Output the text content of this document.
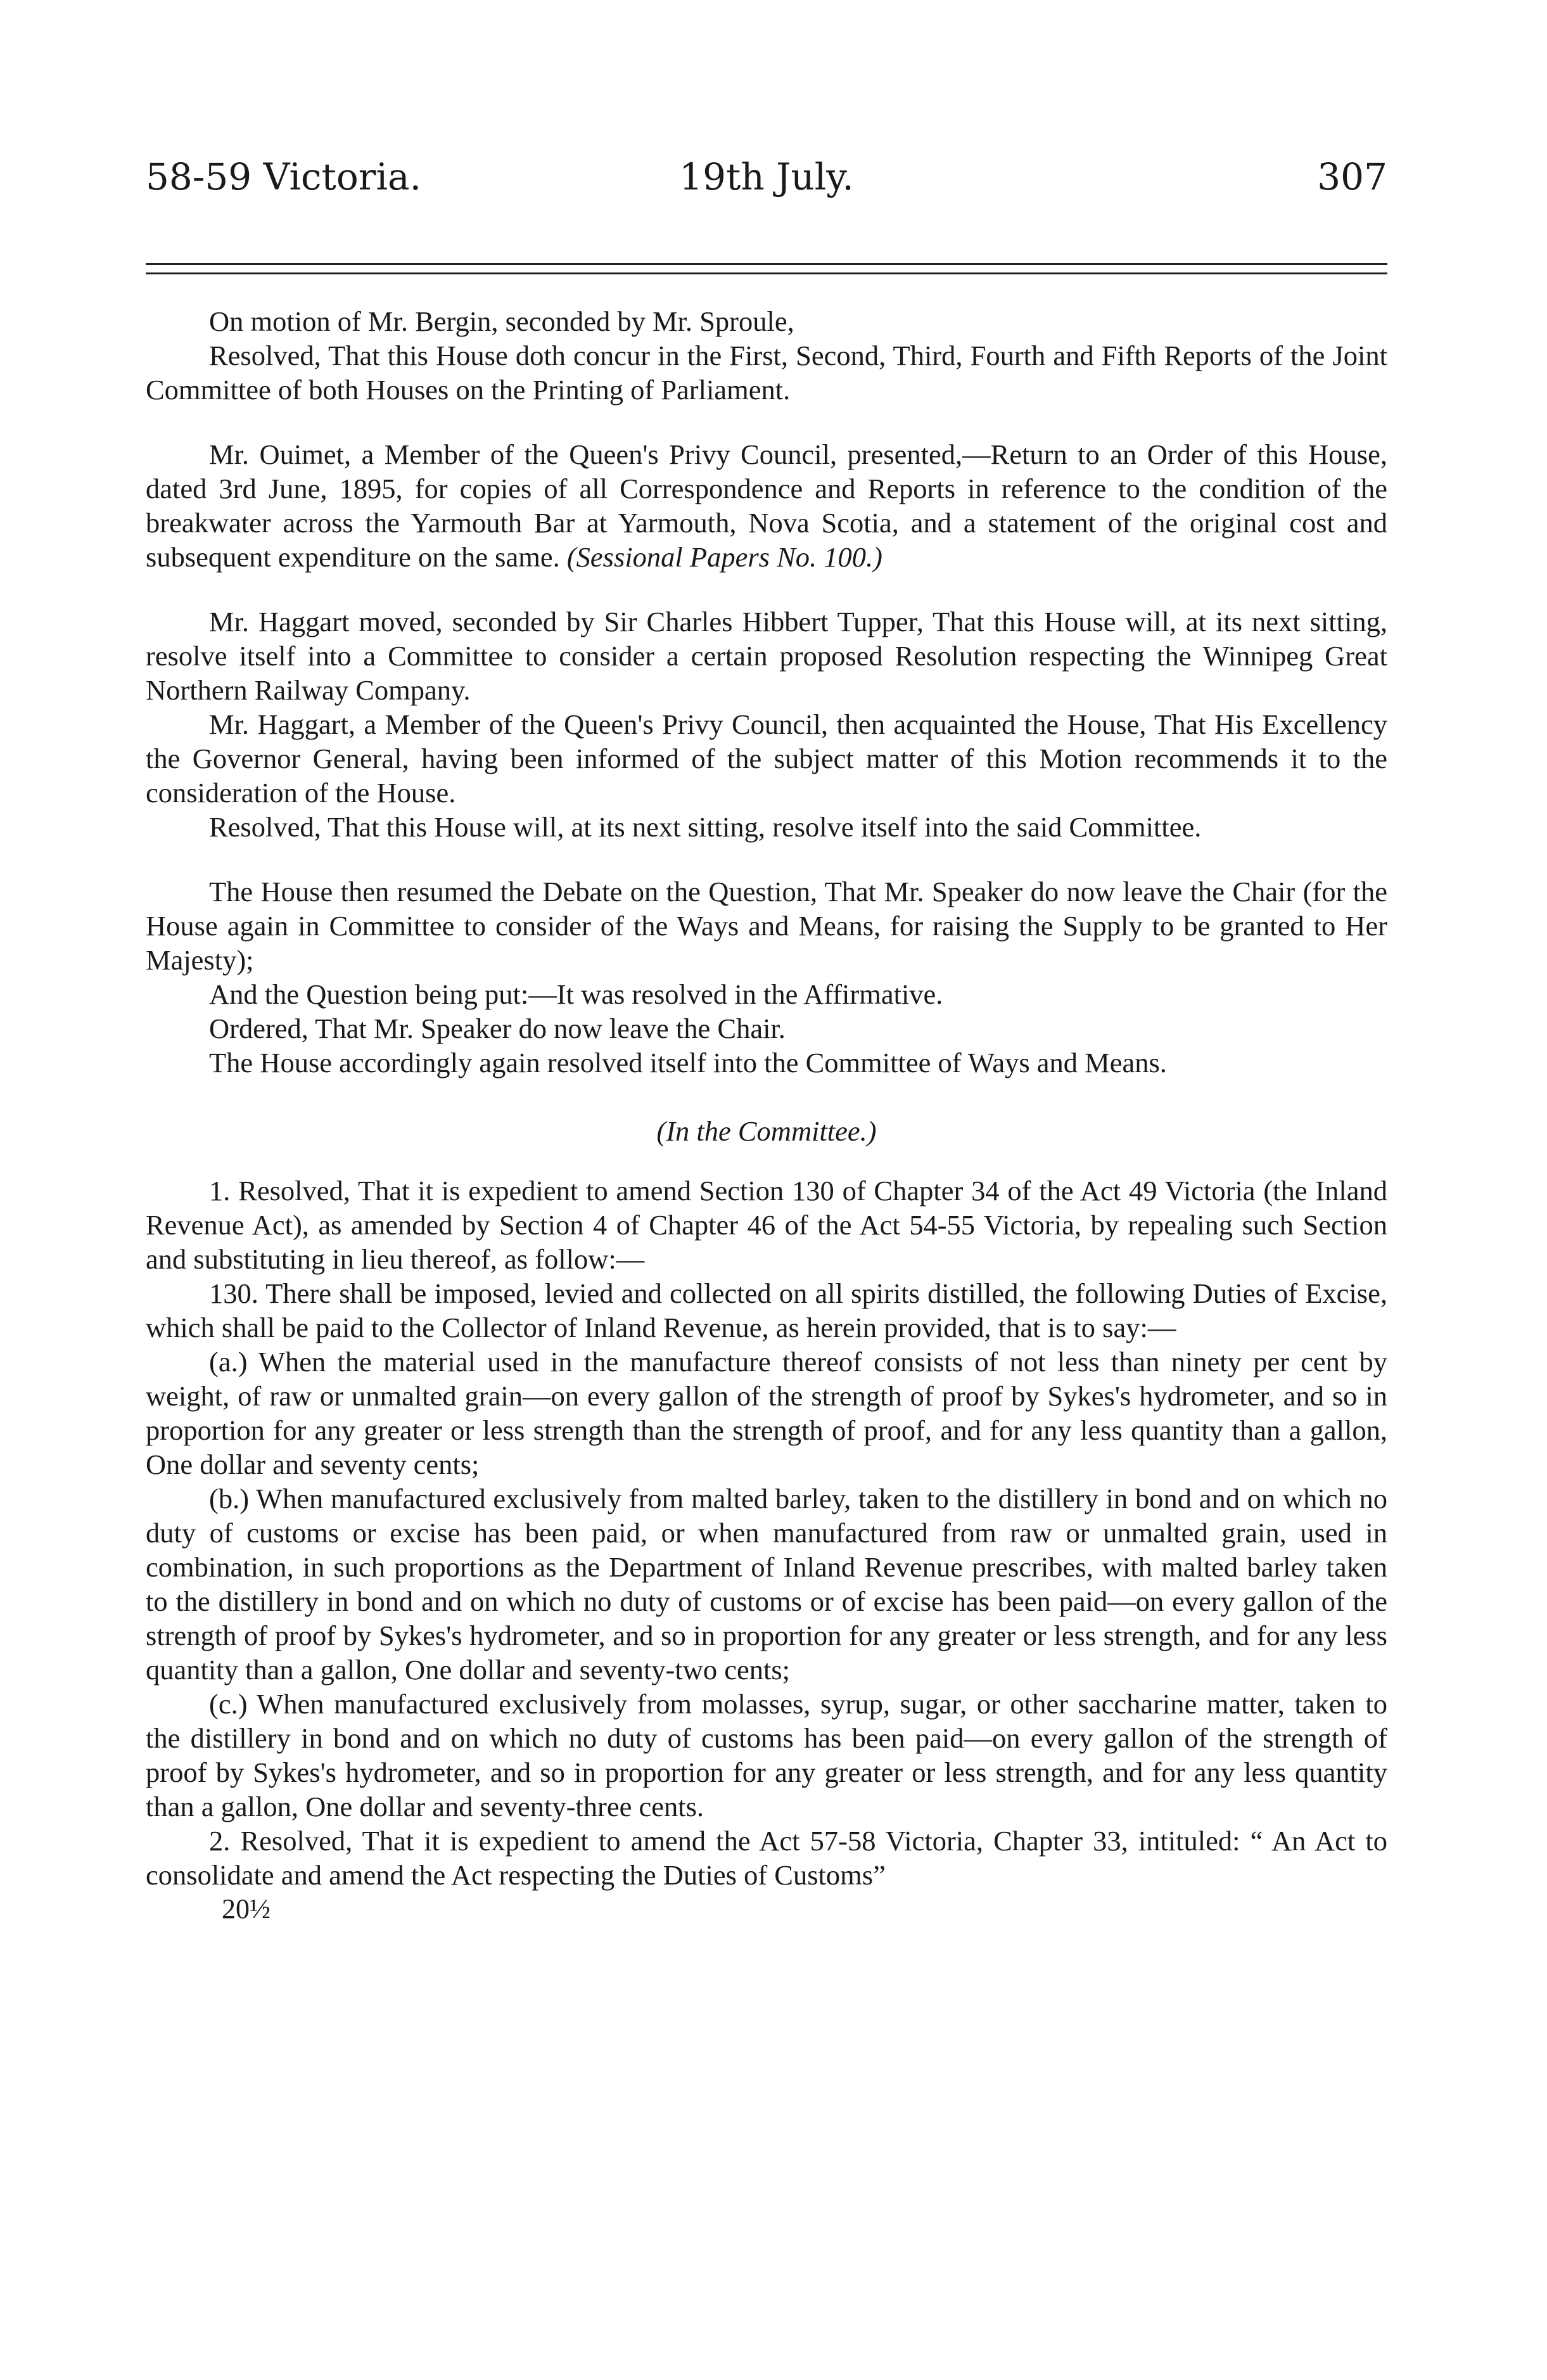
58-59 Victoria.	19th July.	307

On motion of Mr. Bergin, seconded by Mr. Sproule,

Resolved, That this House doth concur in the First, Second, Third, Fourth and Fifth Reports of the Joint Committee of both Houses on the Printing of Parliament.

Mr. Ouimet, a Member of the Queen's Privy Council, presented,—Return to an Order of this House, dated 3rd June, 1895, for copies of all Correspondence and Reports in reference to the condition of the breakwater across the Yarmouth Bar at Yarmouth, Nova Scotia, and a statement of the original cost and subsequent expenditure on the same. (Sessional Papers No. 100.)

Mr. Haggart moved, seconded by Sir Charles Hibbert Tupper, That this House will, at its next sitting, resolve itself into a Committee to consider a certain proposed Resolution respecting the Winnipeg Great Northern Railway Company.

Mr. Haggart, a Member of the Queen's Privy Council, then acquainted the House, That His Excellency the Governor General, having been informed of the subject matter of this Motion recommends it to the consideration of the House.

Resolved, That this House will, at its next sitting, resolve itself into the said Committee.

The House then resumed the Debate on the Question, That Mr. Speaker do now leave the Chair (for the House again in Committee to consider of the Ways and Means, for raising the Supply to be granted to Her Majesty);

And the Question being put:—It was resolved in the Affirmative.

Ordered, That Mr. Speaker do now leave the Chair.

The House accordingly again resolved itself into the Committee of Ways and Means.

(In the Committee.)

1. Resolved, That it is expedient to amend Section 130 of Chapter 34 of the Act 49 Victoria (the Inland Revenue Act), as amended by Section 4 of Chapter 46 of the Act 54-55 Victoria, by repealing such Section and substituting in lieu thereof, as follow:—

130. There shall be imposed, levied and collected on all spirits distilled, the following Duties of Excise, which shall be paid to the Collector of Inland Revenue, as herein provided, that is to say:—

(a.) When the material used in the manufacture thereof consists of not less than ninety per cent by weight, of raw or unmalted grain—on every gallon of the strength of proof by Sykes's hydrometer, and so in proportion for any greater or less strength than the strength of proof, and for any less quantity than a gallon, One dollar and seventy cents;

(b.) When manufactured exclusively from malted barley, taken to the distillery in bond and on which no duty of customs or excise has been paid, or when manufactured from raw or unmalted grain, used in combination, in such proportions as the Department of Inland Revenue prescribes, with malted barley taken to the distillery in bond and on which no duty of customs or of excise has been paid—on every gallon of the strength of proof by Sykes's hydrometer, and so in proportion for any greater or less strength, and for any less quantity than a gallon, One dollar and seventy-two cents;

(c.) When manufactured exclusively from molasses, syrup, sugar, or other saccharine matter, taken to the distillery in bond and on which no duty of customs has been paid—on every gallon of the strength of proof by Sykes's hydrometer, and so in proportion for any greater or less strength, and for any less quantity than a gallon, One dollar and seventy-three cents.

2. Resolved, That it is expedient to amend the Act 57-58 Victoria, Chapter 33, intituled: “ An Act to consolidate and amend the Act respecting the Duties of Customs”

20½
